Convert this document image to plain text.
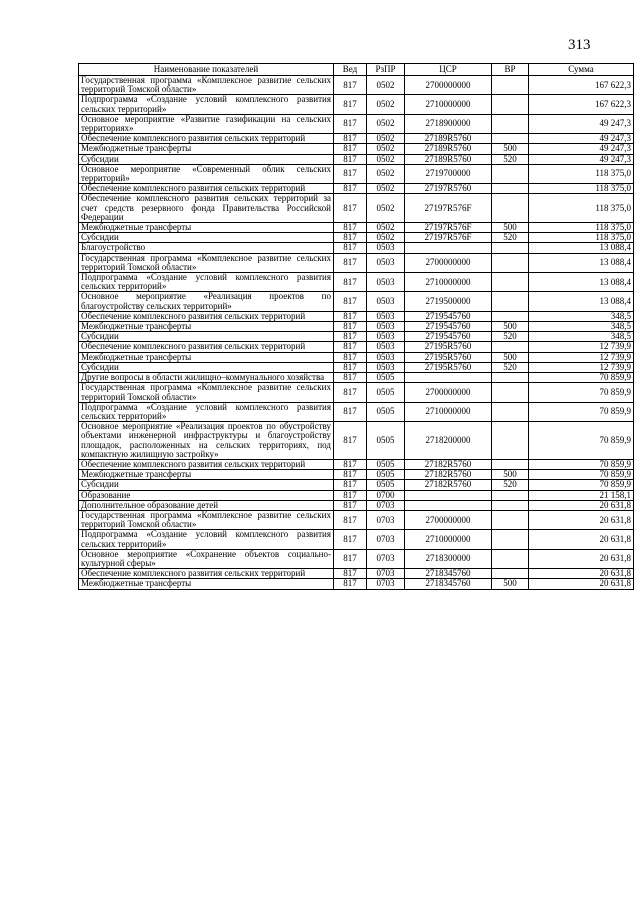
313
Наименование показателей	Вед	РзПР	ЦСР	ВР	Сумма
Государственная программа «Комплексное развитие сельских территорий Томской области»	817	0502	2700000000		167 622,3
Подпрограмма «Создание условий комплексного развития сельских территорий»	817	0502	2710000000		167 622,3
Основное мероприятие «Развитие газификации на сельских территориях»	817	0502	2718900000		49 247,3
Обеспечение комплексного развития сельских территорий	817	0502	27189R5760		49 247,3
Межбюджетные трансферты	817	0502	27189R5760	500	49 247,3
Субсидии	817	0502	27189R5760	520	49 247,3
Основное мероприятие «Современный облик сельских территорий»	817	0502	2719700000		118 375,0
Обеспечение комплексного развития сельских территорий	817	0502	27197R5760		118 375,0
Обеспечение комплексного развития сельских территорий за счет средств резервного фонда Правительства Российской Федерации	817	0502	27197R576F		118 375,0
Межбюджетные трансферты	817	0502	27197R576F	500	118 375,0
Субсидии	817	0502	27197R576F	520	118 375,0
Благоустройство	817	0503			13 088,4
Государственная программа «Комплексное развитие сельских территорий Томской области»	817	0503	2700000000		13 088,4
Подпрограмма «Создание условий комплексного развития сельских территорий»	817	0503	2710000000		13 088,4
Основное мероприятие «Реализация проектов по благоустройству сельских территорий»	817	0503	2719500000		13 088,4
Обеспечение комплексного развития сельских территорий	817	0503	2719545760		348,5
Межбюджетные трансферты	817	0503	2719545760	500	348,5
Субсидии	817	0503	2719545760	520	348,5
Обеспечение комплексного развития сельских территорий	817	0503	27195R5760		12 739,9
Межбюджетные трансферты	817	0503	27195R5760	500	12 739,9
Субсидии	817	0503	27195R5760	520	12 739,9
Другие вопросы в области жилищно–коммунального хозяйства	817	0505			70 859,9
Государственная программа «Комплексное развитие сельских территорий Томской области»	817	0505	2700000000		70 859,9
Подпрограмма «Создание условий комплексного развития сельских территорий»	817	0505	2710000000		70 859,9
Основное мероприятие «Реализация проектов по обустройству объектами инженерной инфраструктуры и благоустройству площадок, расположенных на сельских территориях, под компактную жилищную застройку»	817	0505	2718200000		70 859,9
Обеспечение комплексного развития сельских территорий	817	0505	27182R5760		70 859,9
Межбюджетные трансферты	817	0505	27182R5760	500	70 859,9
Субсидии	817	0505	27182R5760	520	70 859,9
Образование	817	0700			21 158,1
Дополнительное образование детей	817	0703			20 631,8
Государственная программа «Комплексное развитие сельских территорий Томской области»	817	0703	2700000000		20 631,8
Подпрограмма «Создание условий комплексного развития сельских территорий»	817	0703	2710000000		20 631,8
Основное мероприятие «Сохранение объектов социально- культурной сферы»	817	0703	2718300000		20 631,8
Обеспечение комплексного развития сельских территорий	817	0703	2718345760		20 631,8
Межбюджетные трансферты	817	0703	2718345760	500	20 631,8
